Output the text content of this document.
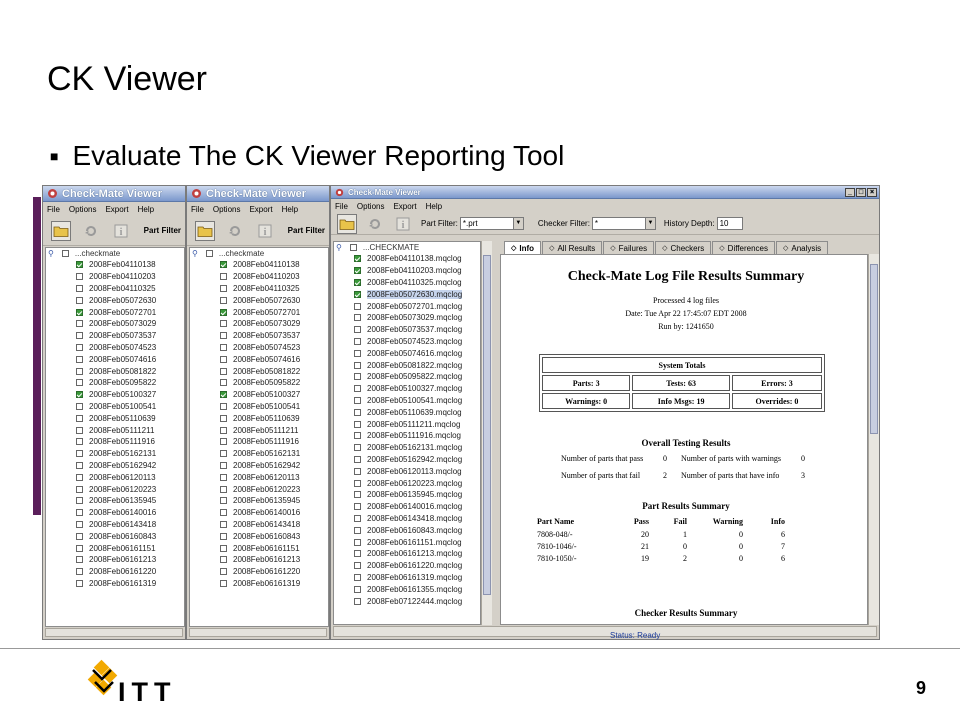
CK Viewer
■ Evaluate The CK Viewer Reporting Tool
Check-Mate Viewer
File Options Export Help
i	Part Filter
⚲	...checkmate
2008Feb04110138
2008Feb04110203
2008Feb04110325
2008Feb05072630
2008Feb05072701
2008Feb05073029
2008Feb05073537
2008Feb05074523
2008Feb05074616
2008Feb05081822
2008Feb05095822
2008Feb05100327
2008Feb05100541
2008Feb05110639
2008Feb05111211
2008Feb05111916
2008Feb05162131
2008Feb05162942
2008Feb06120113
2008Feb06120223
2008Feb06135945
2008Feb06140016
2008Feb06143418
2008Feb06160843
2008Feb06161151
2008Feb06161213
2008Feb06161220
2008Feb06161319
Check-Mate Viewer
File Options Export Help
i	Part Filter
⚲	...checkmate
2008Feb04110138
2008Feb04110203
2008Feb04110325
2008Feb05072630
2008Feb05072701
2008Feb05073029
2008Feb05073537
2008Feb05074523
2008Feb05074616
2008Feb05081822
2008Feb05095822
2008Feb05100327
2008Feb05100541
2008Feb05110639
2008Feb05111211
2008Feb05111916
2008Feb05162131
2008Feb05162942
2008Feb06120113
2008Feb06120223
2008Feb06135945
2008Feb06140016
2008Feb06143418
2008Feb06160843
2008Feb06161151
2008Feb06161213
2008Feb06161220
2008Feb06161319
Check-Mate Viewer	_ □ ×
File Options Export Help
i Part Filter: *.prt	▼ Checker Filter: *	▼ History Depth: 10
⚲	...CHECKMATE
2008Feb04110138.mqclog
2008Feb04110203.mqclog
2008Feb04110325.mqclog
2008Feb05072630.mqclog
2008Feb05072701.mqclog
2008Feb05073029.mqclog
2008Feb05073537.mqclog
2008Feb05074523.mqclog
2008Feb05074616.mqclog
2008Feb05081822.mqclog
2008Feb05095822.mqclog
2008Feb05100327.mqclog
2008Feb05100541.mqclog
2008Feb05110639.mqclog
2008Feb05111211.mqclog
2008Feb05111916.mqclog
2008Feb05162131.mqclog
2008Feb05162942.mqclog
2008Feb06120113.mqclog
2008Feb06120223.mqclog
2008Feb06135945.mqclog
2008Feb06140016.mqclog
2008Feb06143418.mqclog
2008Feb06160843.mqclog
2008Feb06161151.mqclog
2008Feb06161213.mqclog
2008Feb06161220.mqclog
2008Feb06161319.mqclog
2008Feb06161355.mqclog
2008Feb07122444.mqclog
◇ Info ◇ All Results ◇ Failures ◇ Checkers ◇ Differences ◇ Analysis
Check-Mate Log File Results Summary
Processed 4 log files
Date: Tue Apr 22 17:45:07 EDT 2008
Run by: 1241650
System Totals		
Parts: 3	Tests: 63	Errors: 3
Warnings: 0	Info Msgs: 19	Overrides: 0
Overall Testing Results
Number of parts that pass 0 Number of parts with warnings	0
Number of parts that fail	2 Number of parts that have info	3
Part Results Summary
Part Name	Pass	Fail	Warning	Info
7808-048/-	20	1	0	6
7810-1046/-	21	0	0	7
7810-1050/-	19	2	0	6
Checker Results Summary
Status: Ready
ITT	9
